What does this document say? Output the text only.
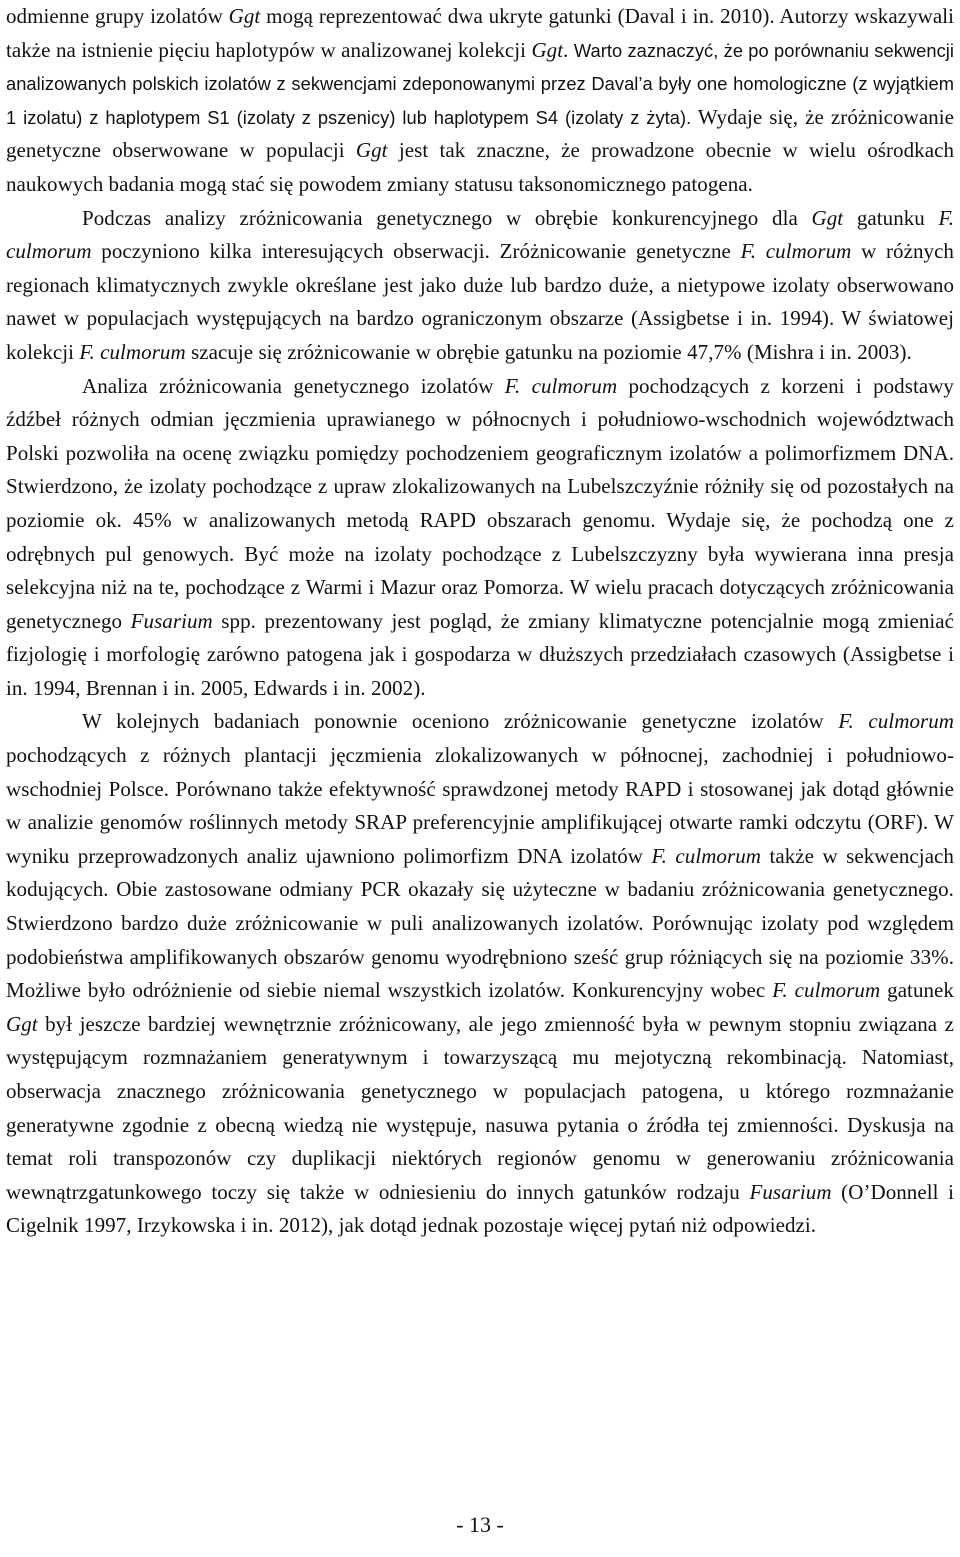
odmienne grupy izolatów Ggt mogą reprezentować dwa ukryte gatunki (Daval i in. 2010). Autorzy wskazywali także na istnienie pięciu haplotypów w analizowanej kolekcji Ggt. Warto zaznaczyć, że po porównaniu sekwencji analizowanych polskich izolatów z sekwencjami zdeponowanymi przez Daval’a były one homologiczne (z wyjątkiem 1 izolatu) z haplotypem S1 (izolaty z pszenicy) lub haplotypem S4 (izolaty z żyta). Wydaje się, że zróżnicowanie genetyczne obserwowane w populacji Ggt jest tak znaczne, że prowadzone obecnie w wielu ośrodkach naukowych badania mogą stać się powodem zmiany statusu taksonomicznego patogena.

Podczas analizy zróżnicowania genetycznego w obrębie konkurencyjnego dla Ggt gatunku F. culmorum poczyniono kilka interesujących obserwacji. Zróżnicowanie genetyczne F. culmorum w różnych regionach klimatycznych zwykle określane jest jako duże lub bardzo duże, a nietypowe izolaty obserwowano nawet w populacjach występujących na bardzo ograniczonym obszarze (Assigbetse i in. 1994). W światowej kolekcji F. culmorum szacuje się zróżnicowanie w obrębie gatunku na poziomie 47,7% (Mishra i in. 2003).

Analiza zróżnicowania genetycznego izolatów F. culmorum pochodzących z korzeni i podstawy źdźbeł różnych odmian jęczmienia uprawianego w północnych i południowo-wschodnich województwach Polski pozwoliła na ocenę związku pomiędzy pochodzeniem geograficznym izolatów a polimorfizmem DNA. Stwierdzono, że izolaty pochodzące z upraw zlokalizowanych na Lubelszczyźnie różniły się od pozostałych na poziomie ok. 45% w analizowanych metodą RAPD obszarach genomu. Wydaje się, że pochodzą one z odrębnych pul genowych. Być może na izolaty pochodzące z Lubelszczyzny była wywierana inna presja selekcyjna niż na te, pochodzące z Warmi i Mazur oraz Pomorza. W wielu pracach dotyczących zróżnicowania genetycznego Fusarium spp. prezentowany jest pogląd, że zmiany klimatyczne potencjalnie mogą zmieniać fizjologię i morfologię zarówno patogena jak i gospodarza w dłuższych przedziałach czasowych (Assigbetse i in. 1994, Brennan i in. 2005, Edwards i in. 2002).

W kolejnych badaniach ponownie oceniono zróżnicowanie genetyczne izolatów F. culmorum pochodzących z różnych plantacji jęczmienia zlokalizowanych w północnej, zachodniej i południowo-wschodniej Polsce. Porównano także efektywność sprawdzonej metody RAPD i stosowanej jak dotąd głównie w analizie genomów roślinnych metody SRAP preferencyjnie amplifikującej otwarte ramki odczytu (ORF). W wyniku przeprowadzonych analiz ujawniono polimorfizm DNA izolatów F. culmorum także w sekwencjach kodujących. Obie zastosowane odmiany PCR okazały się użyteczne w badaniu zróżnicowania genetycznego. Stwierdzono bardzo duże zróżnicowanie w puli analizowanych izolatów. Porównując izolaty pod względem podobieństwa amplifikowanych obszarów genomu wyodrębniono sześć grup różniących się na poziomie 33%. Możliwe było odróżnienie od siebie niemal wszystkich izolatów. Konkurencyjny wobec F. culmorum gatunek Ggt był jeszcze bardziej wewnętrznie zróżnicowany, ale jego zmienność była w pewnym stopniu związana z występującym rozmnażaniem generatywnym i towarzyszącą mu mejotyczną rekombinacją. Natomiast, obserwacja znacznego zróżnicowania genetycznego w populacjach patogena, u którego rozmnażanie generatywne zgodnie z obecną wiedzą nie występuje, nasuwa pytania o źródła tej zmienności. Dyskusja na temat roli transpozonów czy duplikacji niektórych regionów genomu w generowaniu zróżnicowania wewnątrzgatunkowego toczy się także w odniesieniu do innych gatunków rodzaju Fusarium (O’Donnell i Cigelnik 1997, Irzykowska i in. 2012), jak dotąd jednak pozostaje więcej pytań niż odpowiedzi.

- 13 -
